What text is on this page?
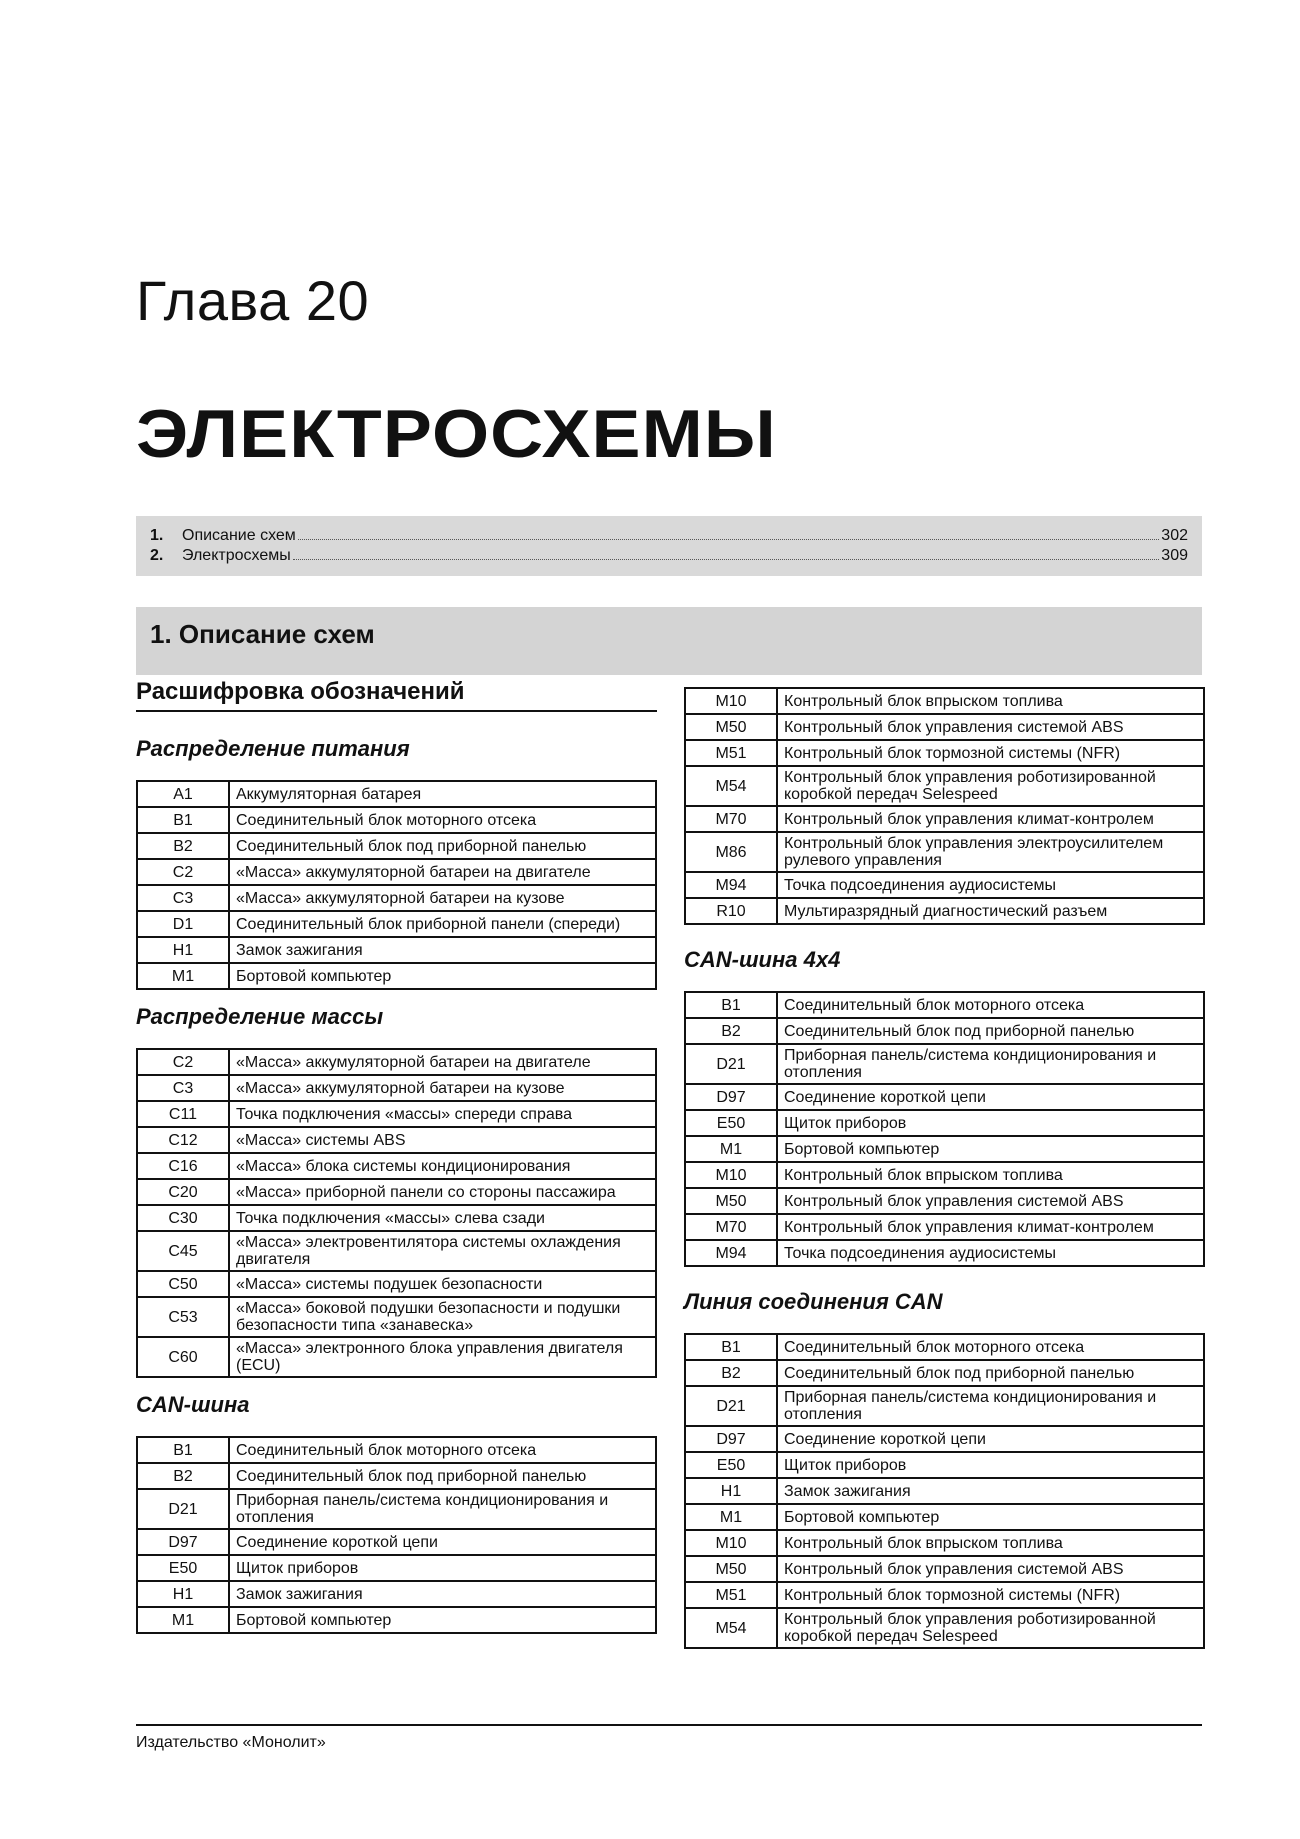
Глава 20
ЭЛЕКТРОСХЕМЫ
1.	Описание схем	302
2.	Электросхемы	309
1. Описание схем
Расшифровка обозначений
Распределение питания
A1	Аккумуляторная батарея
B1	Соединительный блок моторного отсека
B2	Соединительный блок под приборной панелью
C2	«Масса» аккумуляторной батареи на двигателе
C3	«Масса» аккумуляторной батареи на кузове
D1	Соединительный блок приборной панели (спереди)
H1	Замок зажигания
M1	Бортовой компьютер
Распределение массы
C2	«Масса» аккумуляторной батареи на двигателе
C3	«Масса» аккумуляторной батареи на кузове
C11	Точка подключения «массы» спереди справа
C12	«Масса» системы ABS
C16	«Масса» блока системы кондиционирования
C20	«Масса» приборной панели со стороны пассажира
C30	Точка подключения «массы» слева сзади
C45	«Масса» электровентилятора системы охлаждения двигателя
C50	«Масса» системы подушек безопасности
C53	«Масса» боковой подушки безопасности и подушки безопасности типа «занавеска»
C60	«Масса» электронного блока управления двигателя (ECU)
CAN-шина
B1	Соединительный блок моторного отсека
B2	Соединительный блок под приборной панелью
D21	Приборная панель/система кондиционирования и отопления
D97	Соединение короткой цепи
E50	Щиток приборов
H1	Замок зажигания
M1	Бортовой компьютер
M10	Контрольный блок впрыском топлива
M50	Контрольный блок управления системой ABS
M51	Контрольный блок тормозной системы (NFR)
M54	Контрольный блок управления роботизированной коробкой передач Selespeed
M70	Контрольный блок управления климат-контролем
M86	Контрольный блок управления электроусилителем рулевого управления
M94	Точка подсоединения аудиосистемы
R10	Мультиразрядный диагностический разъем
CAN-шина 4x4
B1	Соединительный блок моторного отсека
B2	Соединительный блок под приборной панелью
D21	Приборная панель/система кондиционирования и отопления
D97	Соединение короткой цепи
E50	Щиток приборов
M1	Бортовой компьютер
M10	Контрольный блок впрыском топлива
M50	Контрольный блок управления системой ABS
M70	Контрольный блок управления климат-контролем
M94	Точка подсоединения аудиосистемы
Линия соединения CAN
B1	Соединительный блок моторного отсека
B2	Соединительный блок под приборной панелью
D21	Приборная панель/система кондиционирования и отопления
D97	Соединение короткой цепи
E50	Щиток приборов
H1	Замок зажигания
M1	Бортовой компьютер
M10	Контрольный блок впрыском топлива
M50	Контрольный блок управления системой ABS
M51	Контрольный блок тормозной системы (NFR)
M54	Контрольный блок управления роботизированной коробкой передач Selespeed

Издательство «Монолит»
